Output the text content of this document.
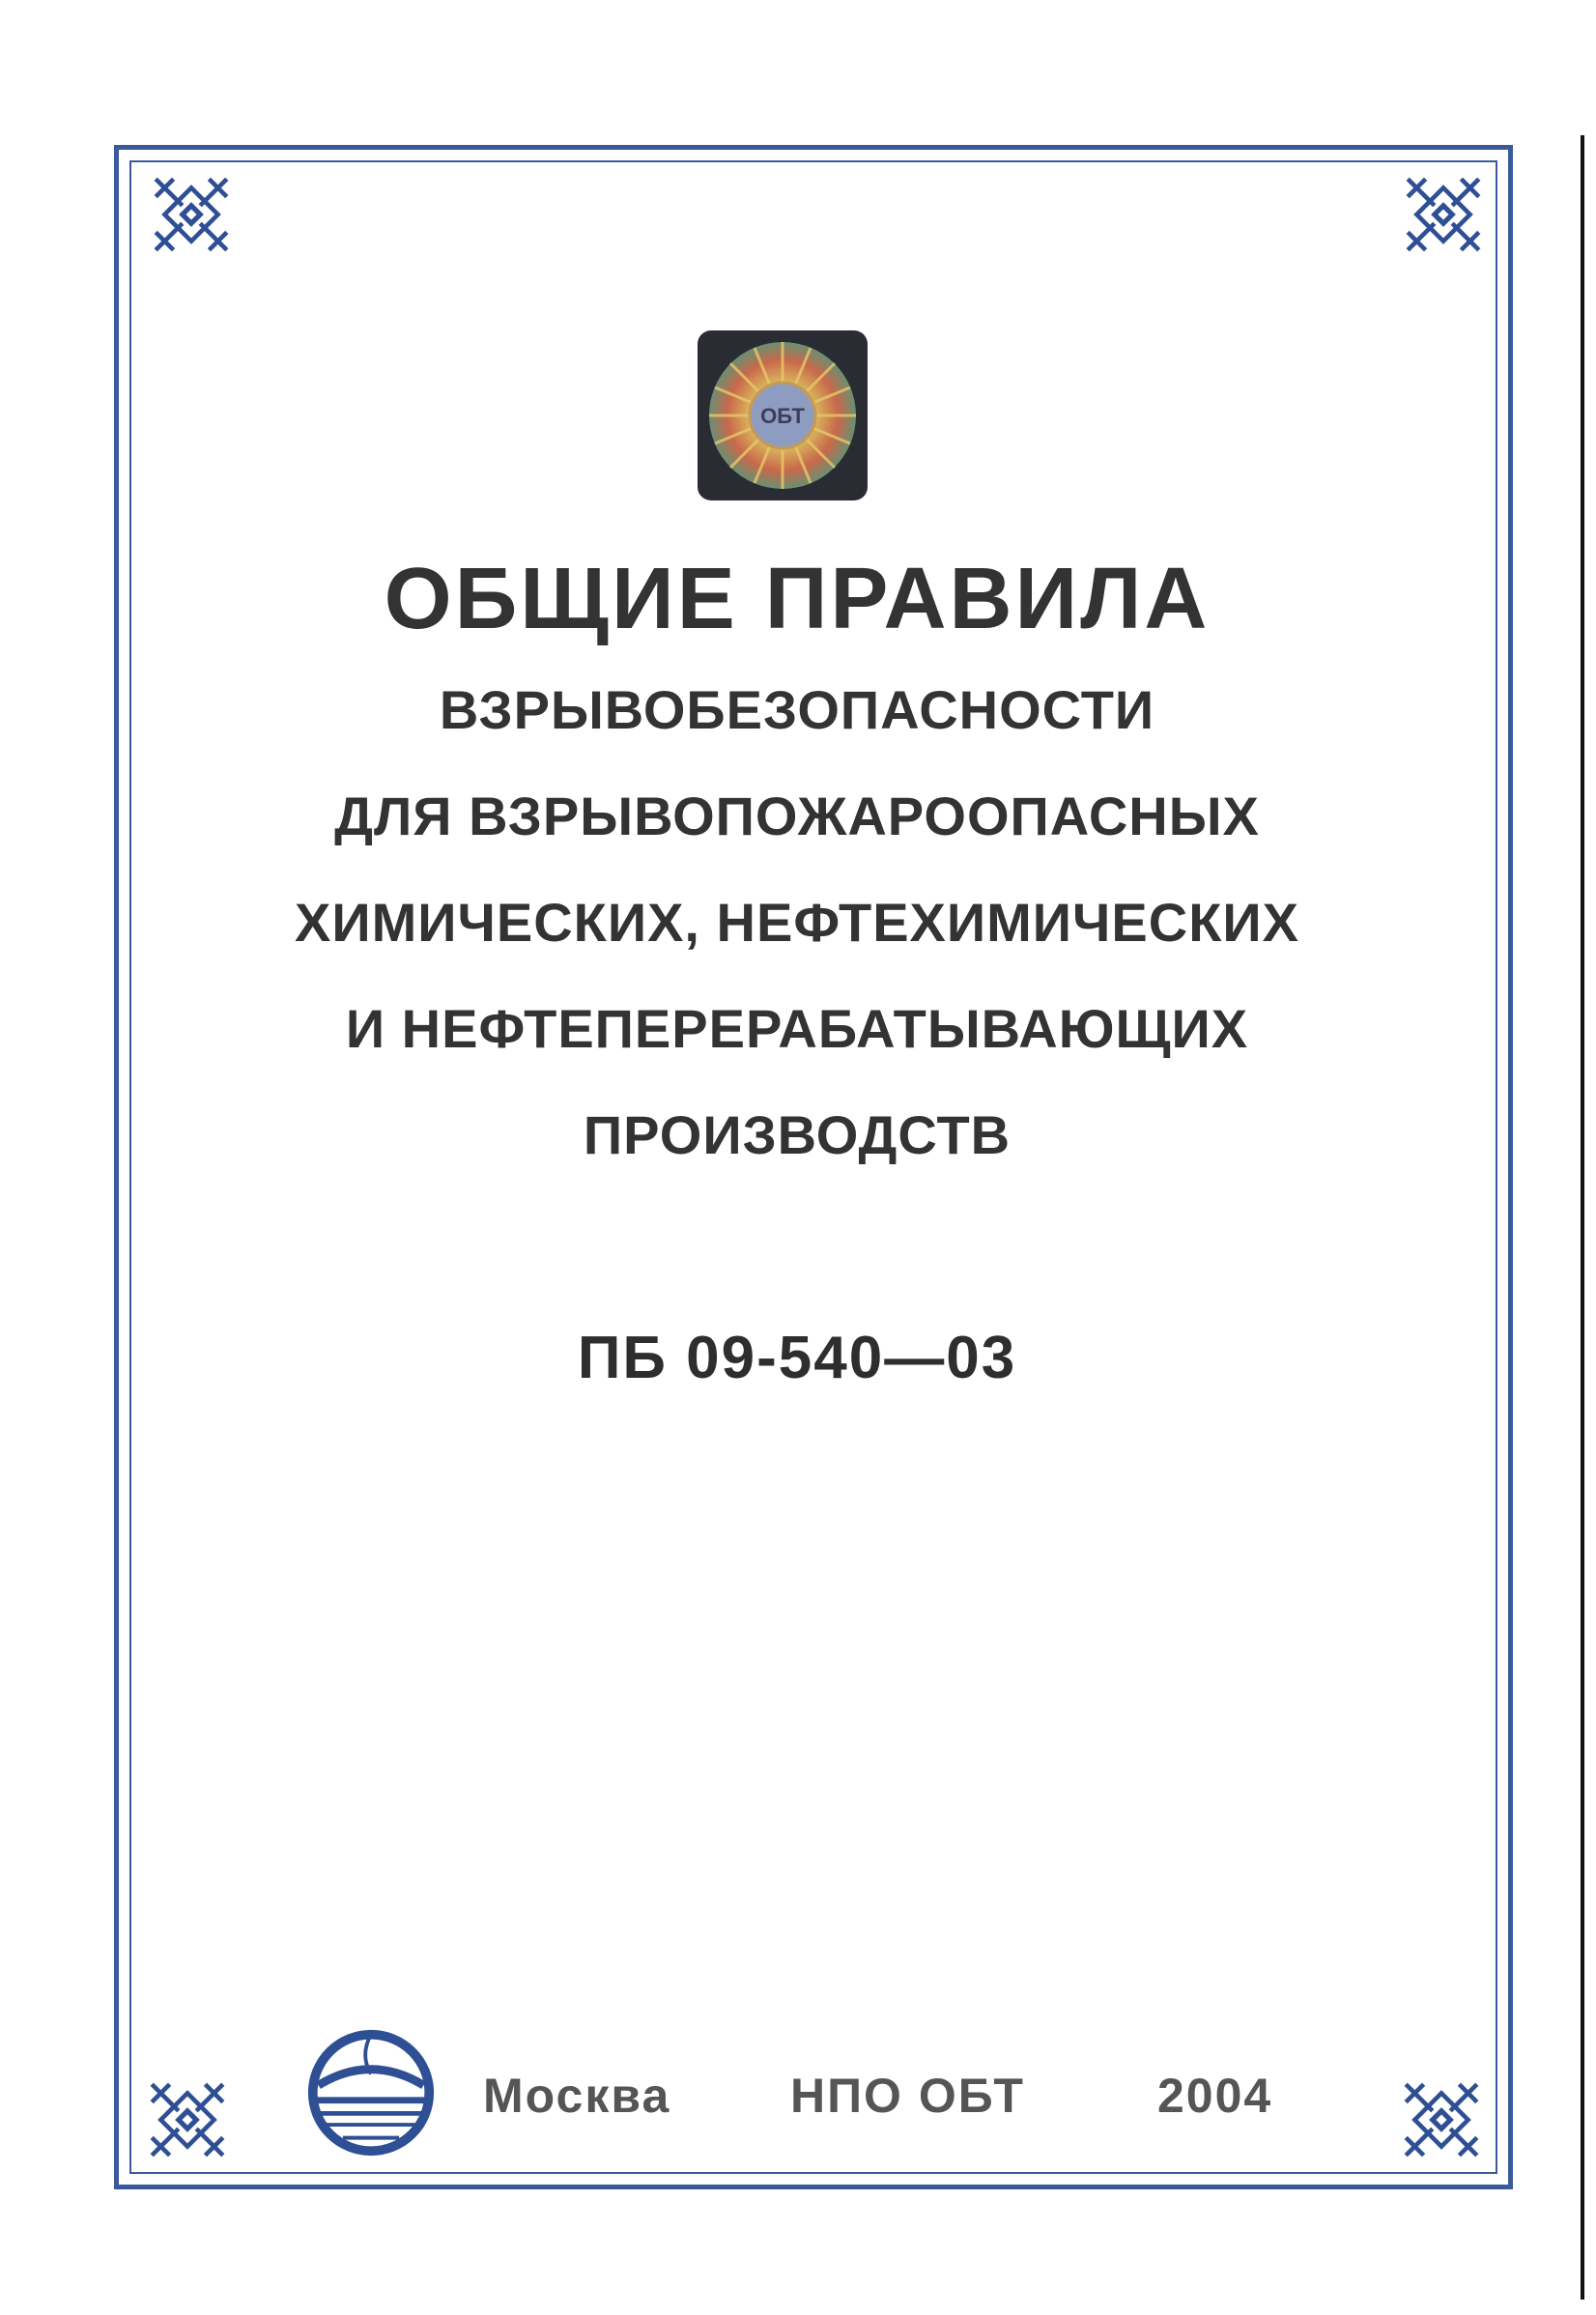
ОБТ
ОБЩИЕ ПРАВИЛА
ВЗРЫВОБЕЗОПАСНОСТИ
ДЛЯ ВЗРЫВОПОЖАРООПАСНЫХ
ХИМИЧЕСКИХ, НЕФТЕХИМИЧЕСКИХ
И НЕФТЕПЕРЕРАБАТЫВАЮЩИХ
ПРОИЗВОДСТВ
ПБ 09-540—03
Москва НПО ОБТ	2004
